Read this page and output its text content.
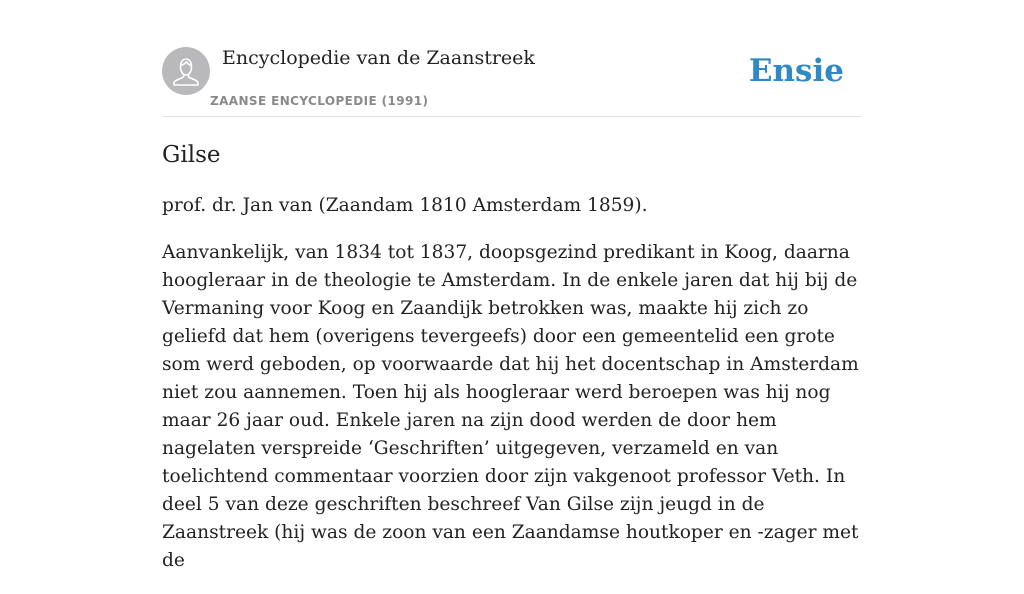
Encyclopedie van de Zaanstreek
ZAANSE ENCYCLOPEDIE (1991)
Ensie
Gilse

prof. dr. Jan van (Zaandam 1810 Amsterdam 1859).

Aanvankelijk, van 1834 tot 1837, doopsgezind predikant in Koog, daarna hoogleraar in de theologie te Amsterdam. In de enkele jaren dat hij bij de Vermaning voor Koog en Zaandijk betrokken was, maakte hij zich zo geliefd dat hem (overigens tevergeefs) door een gemeentelid een grote som werd geboden, op voorwaarde dat hij het docentschap in Amsterdam niet zou aannemen. Toen hij als hoogleraar werd beroepen was hij nog maar 26 jaar oud. Enkele jaren na zijn dood werden de door hem nagelaten verspreide ‘Geschriften’ uitgegeven, verzameld en van toelichtend commentaar voorzien door zijn vakgenoot professor Veth. In deel 5 van deze geschriften beschreef Van Gilse zijn jeugd in de Zaanstreek (hij was de zoon van een Zaandamse houtkoper en -zager met de
